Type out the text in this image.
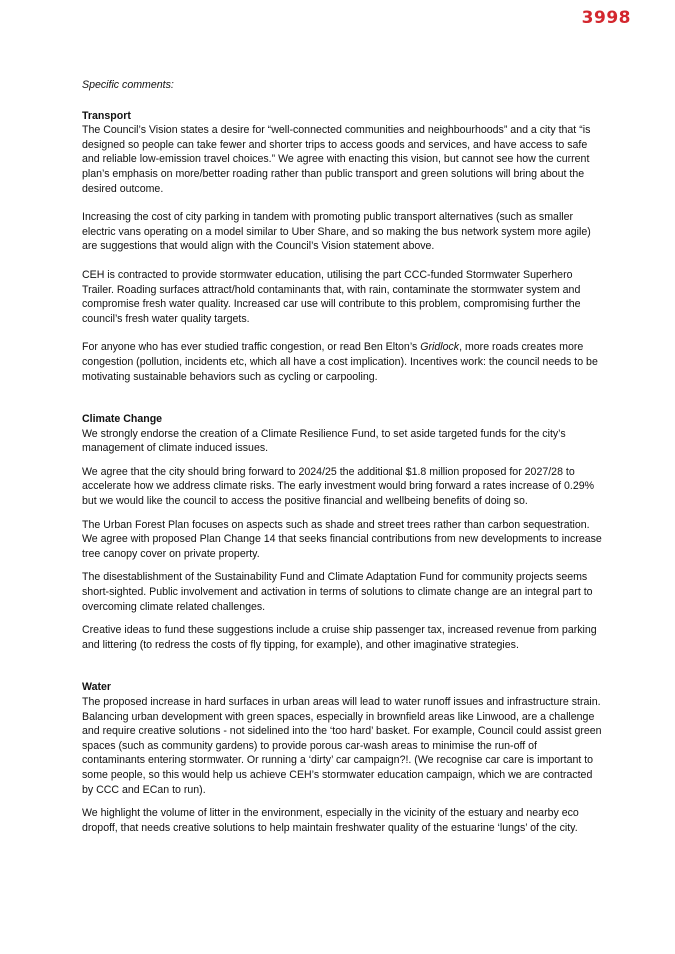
3998

Specific comments:

Transport

The Council’s Vision states a desire for “well-connected communities and neighbourhoods” and a city that “is designed so people can take fewer and shorter trips to access goods and services, and have access to safe and reliable low-emission travel choices.” We agree with enacting this vision, but cannot see how the current plan’s emphasis on more/better roading rather than public transport and green solutions will bring about the desired outcome.

Increasing the cost of city parking in tandem with promoting public transport alternatives (such as smaller electric vans operating on a model similar to Uber Share, and so making the bus network system more agile) are suggestions that would align with the Council’s Vision statement above.

CEH is contracted to provide stormwater education, utilising the part CCC-funded Stormwater Superhero Trailer. Roading surfaces attract/hold contaminants that, with rain, contaminate the stormwater system and compromise fresh water quality. Increased car use will contribute to this problem, compromising further the council’s fresh water quality targets.

For anyone who has ever studied traffic congestion, or read Ben Elton’s Gridlock, more roads creates more congestion (pollution, incidents etc, which all have a cost implication). Incentives work: the council needs to be motivating sustainable behaviors such as cycling or carpooling.

Climate Change

We strongly endorse the creation of a Climate Resilience Fund, to set aside targeted funds for the city’s management of climate induced issues.

We agree that the city should bring forward to 2024/25 the additional $1.8 million proposed for 2027/28 to accelerate how we address climate risks. The early investment would bring forward a rates increase of 0.29% but we would like the council to access the positive financial and wellbeing benefits of doing so.

The Urban Forest Plan focuses on aspects such as shade and street trees rather than carbon sequestration. We agree with proposed Plan Change 14 that seeks financial contributions from new developments to increase tree canopy cover on private property.

The disestablishment of the Sustainability Fund and Climate Adaptation Fund for community projects seems short-sighted. Public involvement and activation in terms of solutions to climate change are an integral part to overcoming climate related challenges.

Creative ideas to fund these suggestions include a cruise ship passenger tax, increased revenue from parking and littering (to redress the costs of fly tipping, for example), and other imaginative strategies.

Water

The proposed increase in hard surfaces in urban areas will lead to water runoff issues and infrastructure strain. Balancing urban development with green spaces, especially in brownfield areas like Linwood, are a challenge and require creative solutions - not sidelined into the ‘too hard’ basket. For example, Council could assist green spaces (such as community gardens) to provide porous car-wash areas to minimise the run-off of contaminants entering stormwater. Or running a ‘dirty’ car campaign?!. (We recognise car care is important to some people, so this would help us achieve CEH’s stormwater education campaign, which we are contracted by CCC and ECan to run).

We highlight the volume of litter in the environment, especially in the vicinity of the estuary and nearby eco dropoff, that needs creative solutions to help maintain freshwater quality of the estuarine ‘lungs’ of the city.
